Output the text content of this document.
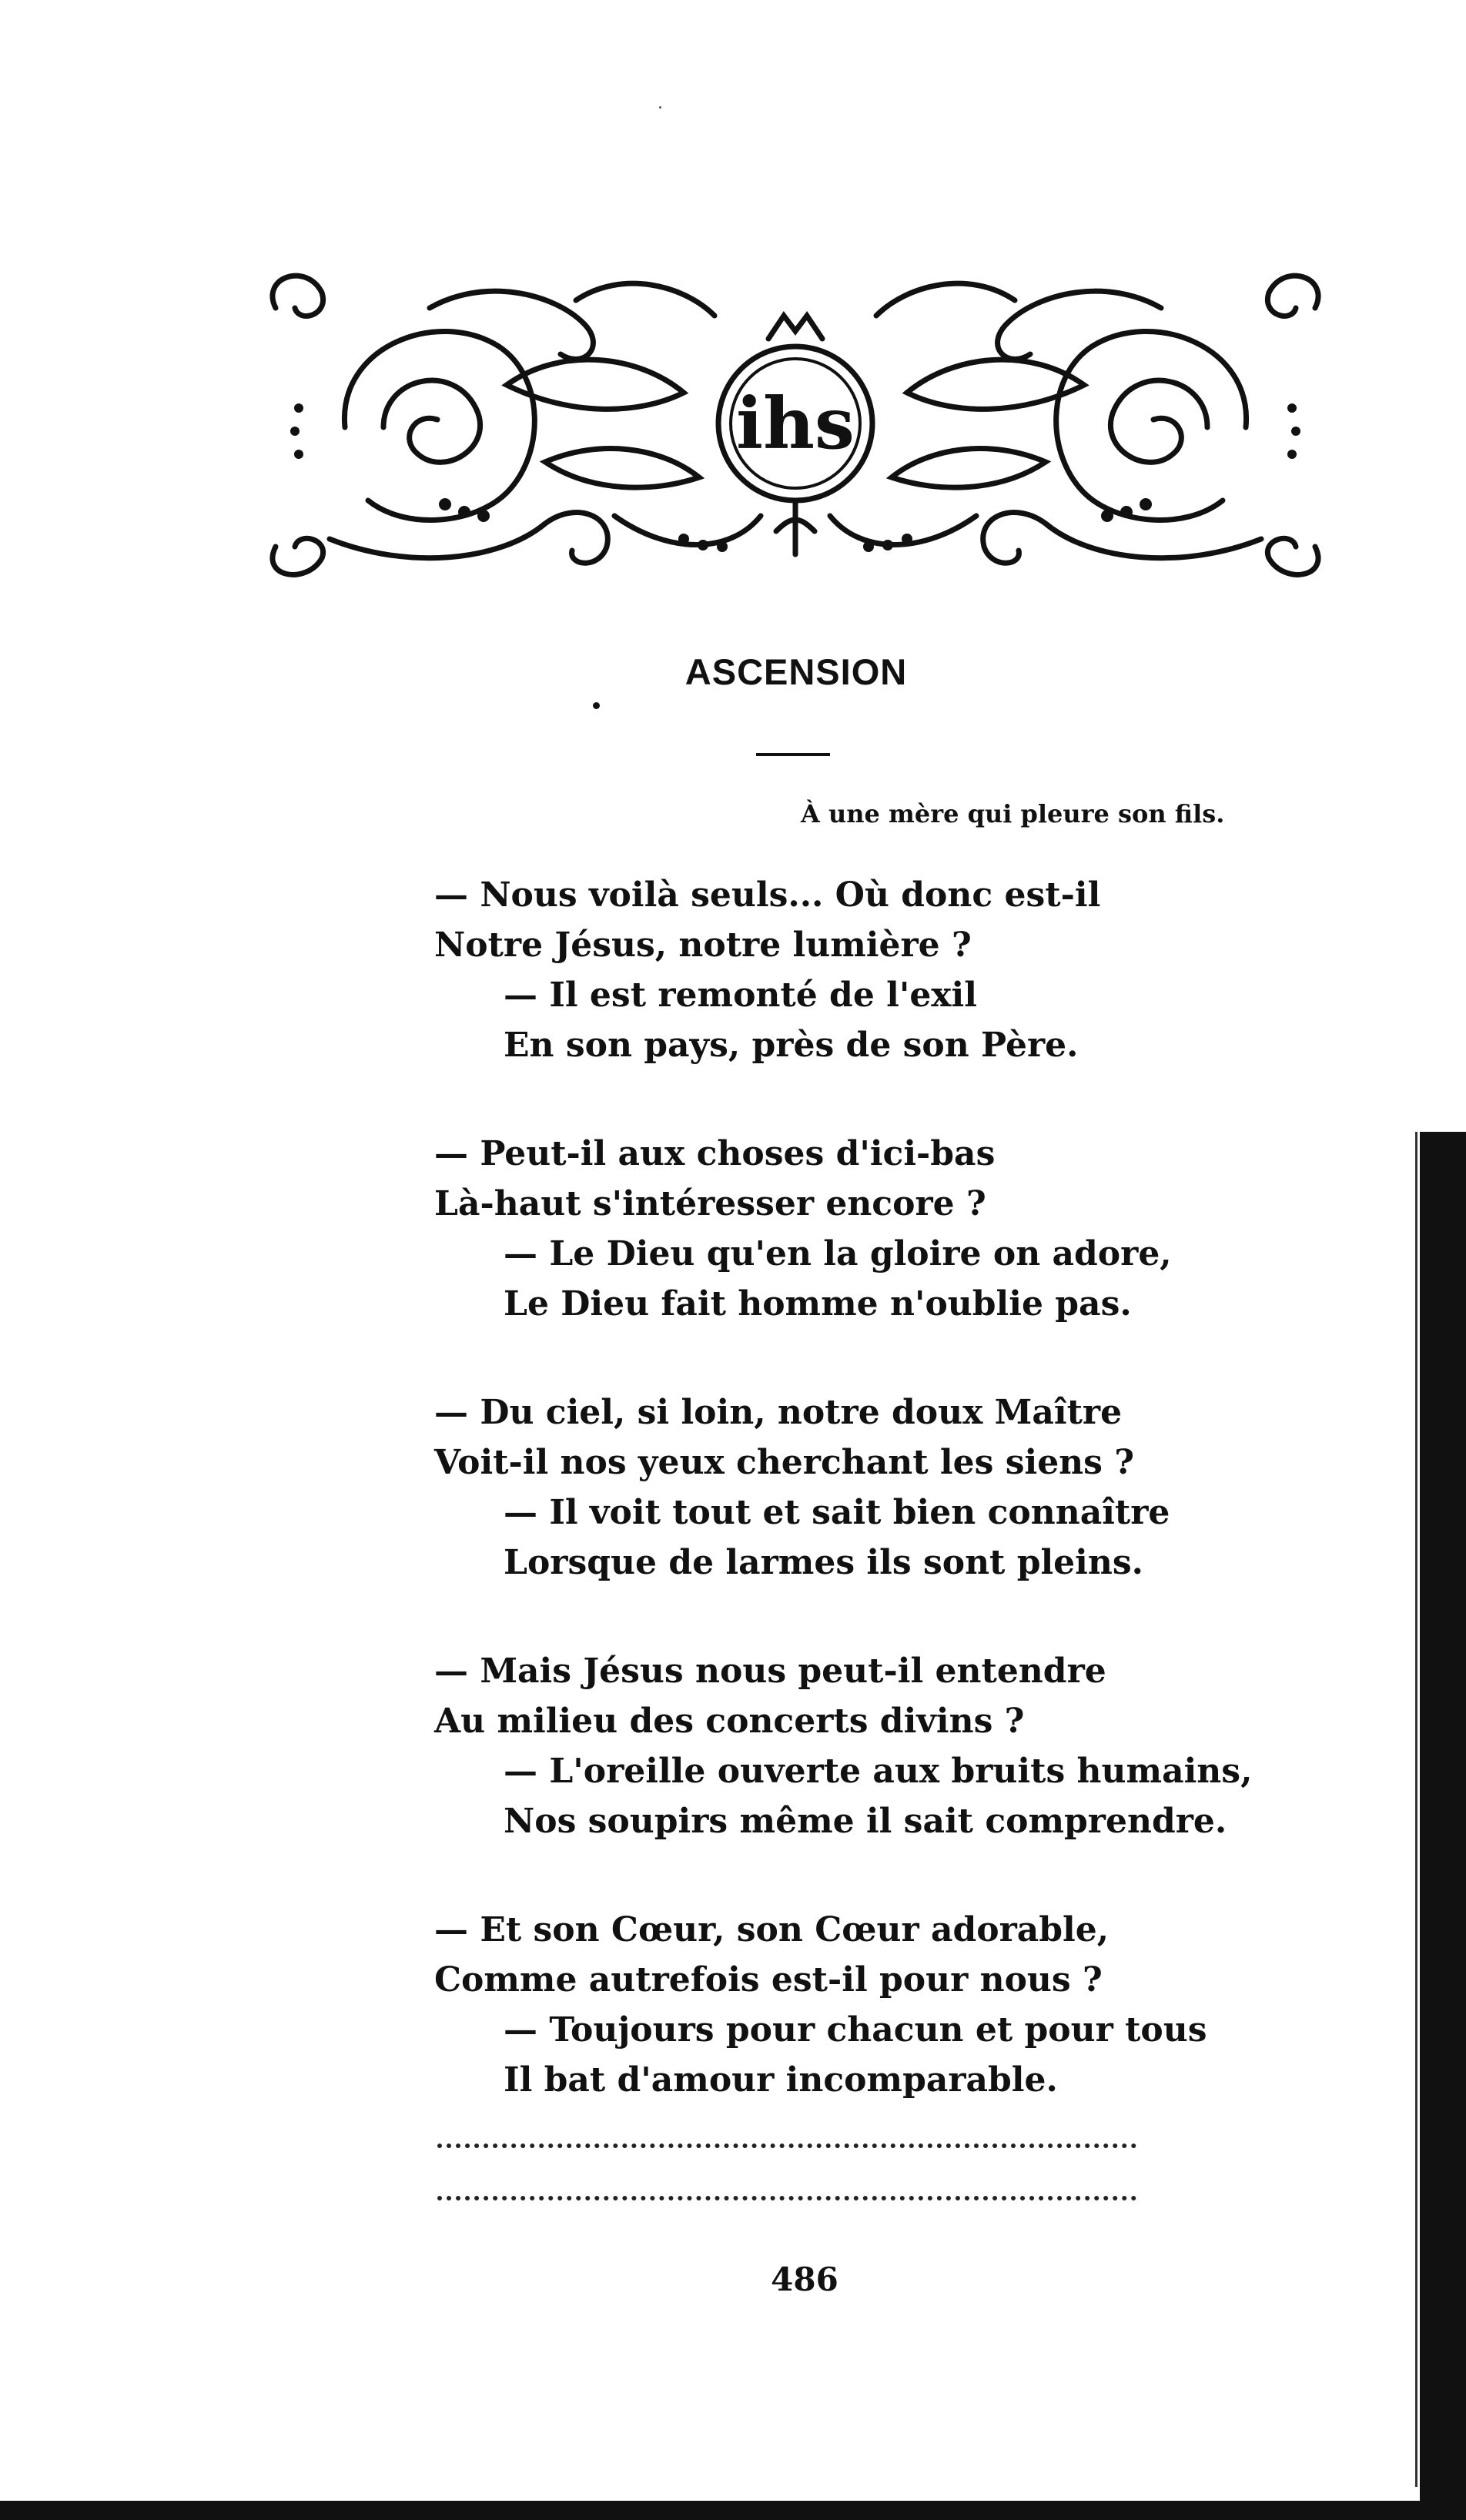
ihs
ASCENSION
À une mère qui pleure son fils.
— Nous voilà seuls... Où donc est-il
Notre Jésus, notre lumière ?
— Il est remonté de l'exil
En son pays, près de son Père.
— Peut-il aux choses d'ici-bas
Là-haut s'intéresser encore ?
— Le Dieu qu'en la gloire on adore,
Le Dieu fait homme n'oublie pas.
— Du ciel, si loin, notre doux Maître
Voit-il nos yeux cherchant les siens ?
— Il voit tout et sait bien connaître
Lorsque de larmes ils sont pleins.
— Mais Jésus nous peut-il entendre
Au milieu des concerts divins ?
— L'oreille ouverte aux bruits humains,
Nos soupirs même il sait comprendre.
— Et son Cœur, son Cœur adorable,
Comme autrefois est-il pour nous ?
— Toujours pour chacun et pour tous
Il bat d'amour incomparable.
486
